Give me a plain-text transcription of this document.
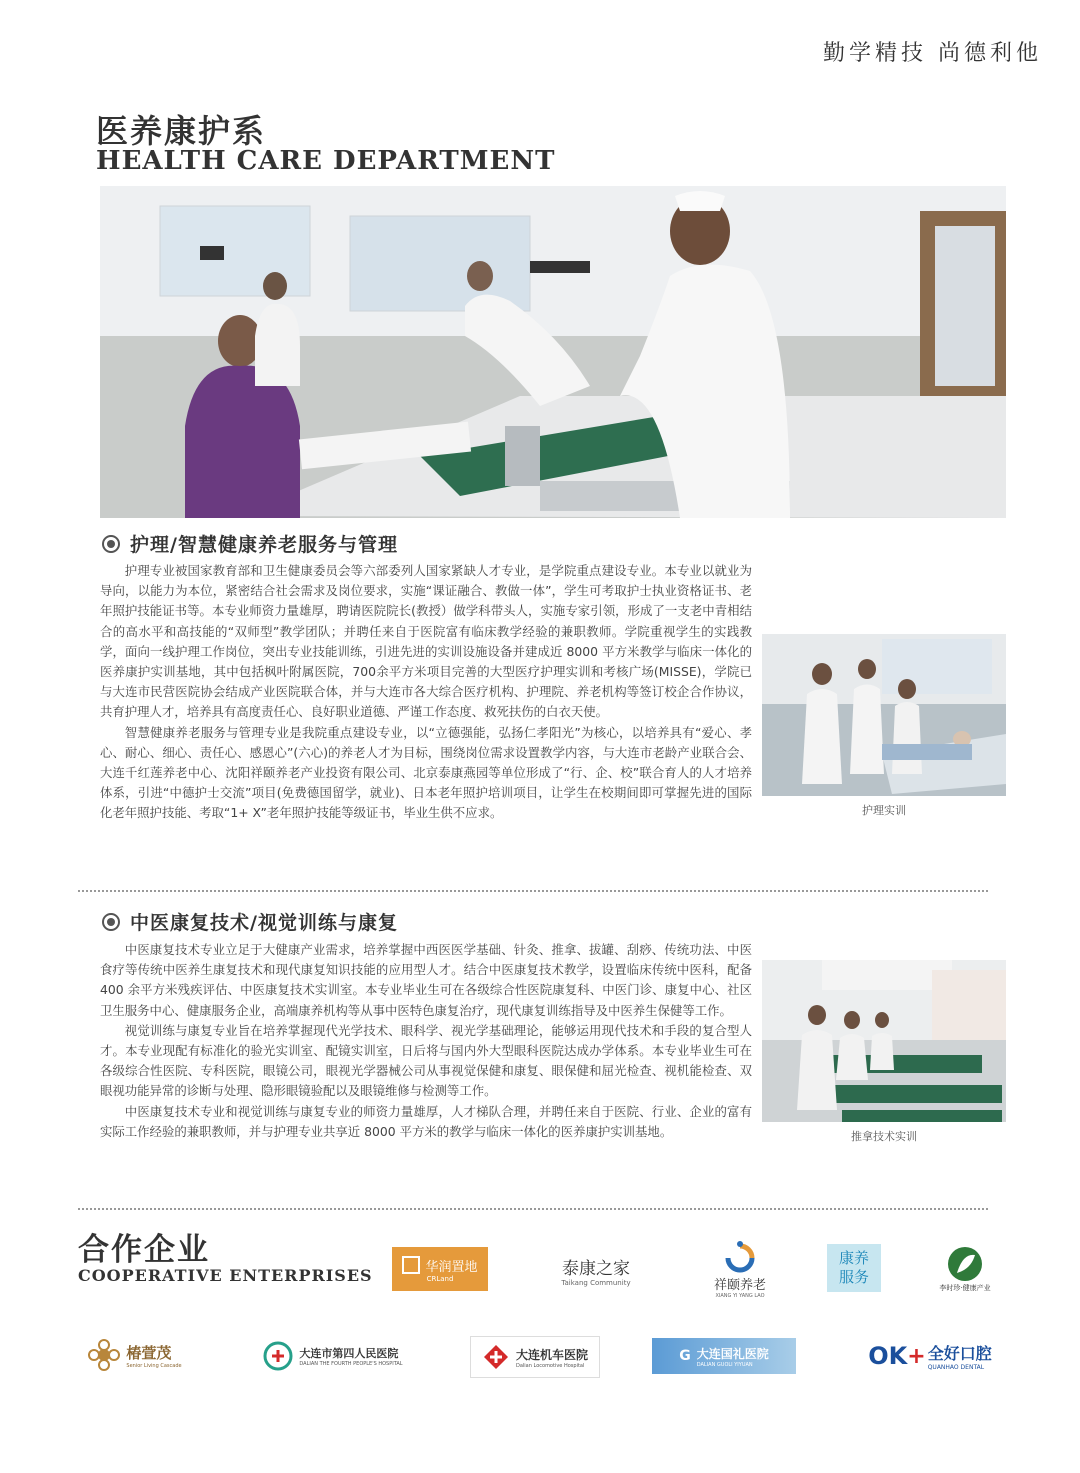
勤学精技 尚德利他
医养康护系
HEALTH CARE DEPARTMENT
护理/智慧健康养老服务与管理

护理专业被国家教育部和卫生健康委员会等六部委列人国家紧缺人才专业，是学院重点建设专业。本专业以就业为导向，以能力为本位，紧密结合社会需求及岗位要求，实施“课证融合、教做一体”，学生可考取护士执业资格证书、老年照护技能证书等。本专业师资力量雄厚，聘请医院院长(教授）做学科带头人，实施专家引领，形成了一支老中青相结合的高水平和高技能的“双师型”教学团队；并聘任来自于医院富有临床教学经验的兼职教师。学院重视学生的实践教学，面向一线护理工作岗位，突出专业技能训练，引进先进的实训设施设备并建成近 8000 平方米教学与临床一体化的医养康护实训基地，其中包括枫叶附属医院，700余平方米项目完善的大型医疗护理实训和考核广场(MISSE)，学院已与大连市民营医院协会结成产业医院联合体，并与大连市各大综合医疗机构、护理院、养老机构等签订校企合作协议，共育护理人才，培养具有高度责任心、良好职业道德、严谨工作态度、救死扶伤的白衣天使。

智慧健康养老服务与管理专业是我院重点建设专业，以“立德强能，弘扬仁孝阳光”为核心，以培养具有“爱心、孝心、耐心、细心、责任心、感恩心”(六心)的养老人才为目标，围绕岗位需求设置教学内容，与大连市老龄产业联合会、大连千红莲养老中心、沈阳祥颐养老产业投资有限公司、北京泰康燕园等单位形成了“行、企、校”联合育人的人才培养体系，引进“中德护士交流”项目(免费德国留学，就业)、日本老年照护培训项目，让学生在校期间即可掌握先进的国际化老年照护技能、考取“1+ X”老年照护技能等级证书，毕业生供不应求。	护理实训
中医康复技术/视觉训练与康复

中医康复技术专业立足于大健康产业需求，培养掌握中西医医学基础、针灸、推拿、拔罐、刮痧、传统功法、中医食疗等传统中医养生康复技术和现代康复知识技能的应用型人才。结合中医康复技术教学，设置临床传统中医科，配备 400 余平方米残疾评估、中医康复技术实训室。本专业毕业生可在各级综合性医院康复科、中医门诊、康复中心、社区卫生服务中心、健康服务企业，高端康养机构等从事中医特色康复治疗，现代康复训练指导及中医养生保健等工作。

视觉训练与康复专业旨在培养掌握现代光学技术、眼科学、视光学基础理论，能够运用现代技术和手段的复合型人才。本专业现配有标准化的验光实训室、配镜实训室，日后将与国内外大型眼科医院达成办学体系。本专业毕业生可在各级综合性医院、专科医院，眼镜公司，眼视光学器械公司从事视觉保健和康复、眼保健和屈光检查、视机能检查、双眼视功能异常的诊断与处理、隐形眼镜验配以及眼镜维修与检测等工作。

中医康复技术专业和视觉训练与康复专业的师资力量雄厚，人才梯队合理，并聘任来自于医院、行业、企业的富有实际工作经验的兼职教师，并与护理专业共享近 8000 平方米的教学与临床一体化的医养康护实训基地。	推拿技术实训
合作企业
COOPERATIVE ENTERPRISES	华润置地
CRLand	泰康之家
Taikang Community	祥颐养老
XIANG YI YANG LAO
康养服务
李时珍·健康产业
椿萱茂
Senior Living Cascade
大连市第四人民医院
DALIAN THE FOURTH PEOPLE'S HOSPITAL
大连机车医院
Dalian Locomotive Hospital
G 大连国礼医院
DALIAN GUOLI YIYUAN	OK + 全好口腔
QUANHAO DENTAL
